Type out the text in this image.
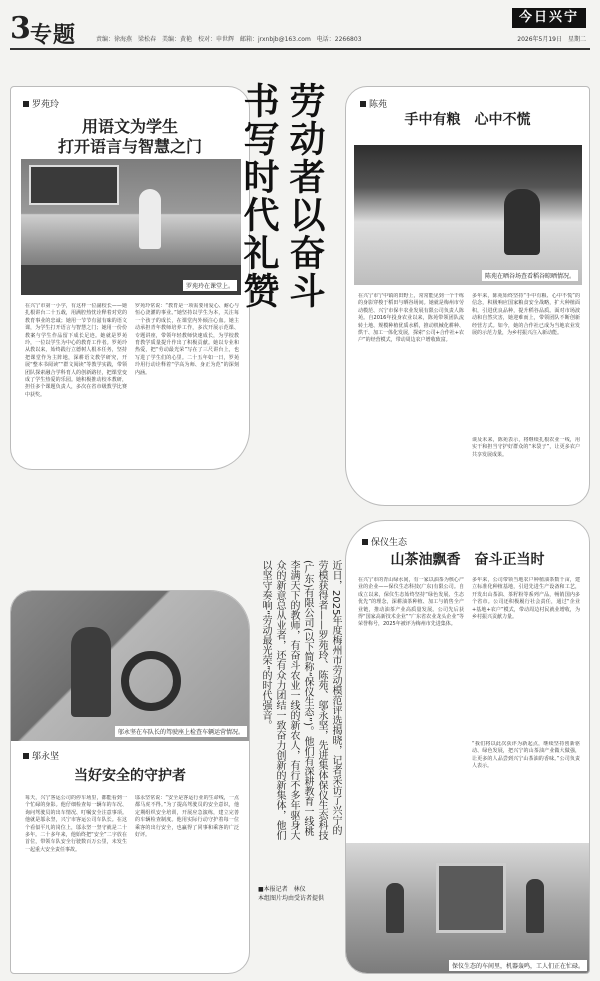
3 专题	责编：徐海燕　梁松春　美编：黄艳　校对：申世辉　邮箱：jrxnbjb@163.com　电话：2266803
今日兴宁
2026年5月19日　星期二
罗苑玲
用语文为学生
打开语言与智慧之门
罗苑玲在课堂上。
在兴宁市第一小学，有这样一位副校长——她扎根讲台二十五载，用满腔热忱诠释着对党的教育事业的忠诚；她用一节节有滋有味的语文课，为学生打开语言与智慧之门；她用一份份教案与学生作品留下成长足迹。她就是罗苑玲，一位以学生为中心的教育工作者。罗苑玲从教以来，始终践行立德树人根本任务，坚持把课堂作为主阵地，深耕语文教学研究，开展“整本书阅读”“群文阅读”等教学实践，带领团队探索融合学科育人的创新路径，把课堂变成了学生热爱的乐园。她积极推动校本教研，担任多个课题负责人，多次在省市级教学比赛中获奖。
罗苑玲常说：“教育是一项需要用爱心、耐心与恒心浇灌的事业。”她坚持以学生为本，关注每一个孩子的成长，在课堂内外倾注心血。她主动承担青年教师培养工作，多次开展示范课、专题讲座，带领年轻教师快速成长，为学校教育教学质量提升作出了积极贡献。她以专业和热爱，把“劳动最光荣”写在了三尺讲台上，也写进了学生们的心里。二十五年如一日，罗苑玲用行动诠释着“学高为师、身正为范”的深刻内涵。
劳动者以奋斗书写时代礼赞	陈苑
手中有粮　心中不慌
陈苑在晒谷场查看稻谷晾晒情况。
在兴宁市宁中镇的田野上，常常能见到一个干练的身影穿梭于稻田与晒谷场间。她就是梅州市劳动模范、兴宁市保丰农业发展有限公司负责人陈苑。自2016年投身农业以来，陈苑带领团队流转土地、规模种植优质水稻，推动机械化耕种、烘干、加工一体化发展，探索“公司+合作社+农户”的经营模式，带动周边农户增收致富。
多年来，陈苑始终坚持“手中有粮、心中不慌”的信念，积极响应国家粮食安全战略，扩大种植面积，引进优良品种，提升稻谷品质。面对市场波动和自然灾害，她迎难而上，带领团队不断创新经营方式。如今，她的合作社已成为当地农业发展的示范力量，为乡村振兴注入新动能。
谈及未来，陈苑表示，将继续扎根农业一线，用实干和担当守护好群众的“米袋子”，让更多农户共享发展成果。
近日，2025年度梅州市劳动模范评选揭晓，记者采访了兴宁的劳模获得者——罗苑玲、陈苑、邬永坚，先进集体保仪生态科技(广东)有限公司(以下简称“保仪生态”)。他们有深耕教育一线桃李满天下的教师，有奋斗农业一线的新农人，有行不多年驱身大众的新意总从业者，还有众力团结一致奋力创新的新集体，他们以坚守奏响“劳动最光荣”的时代强音。
■本报记者　林仪
本组图片均由受访者提供
邬永坚在车队长的驾驶座上检查车辆运营情况。
邬永坚
当好安全的守护者
每天，兴宁客运公司的停车场里，都能看到一个忙碌的身影。他仔细检查每一辆车的车况、询问驾驶员的出车情况、叮嘱安全注意事项。他就是邬永坚，兴宁市客运公司车队长。在这个看似平凡的岗位上，邬永坚一坚守就是二十多年。二十多年来，他始终把“安全”二字放在首位，带领车队安全行驶数百万公里，未发生一起重大安全责任事故。
邬永坚常说：“安全是客运行业的生命线，一点都马虎不得。”为了提高驾驶员的安全意识，他定期组织安全培训，开展应急演练，建立完善的车辆检查制度。他用实际行动守护着每一位乘客的出行安全，也赢得了同事和乘客的广泛好评。
保仪生态
山茶油飘香　奋斗正当时
在兴宁市的青山绿水间，有一家以油茶为核心产业的企业——保仪生态科技(广东)有限公司。自成立以来，保仪生态始终坚持“绿色发展、生态优先”的理念，深耕油茶种植、加工与销售全产业链，推动油茶产业高质量发展。公司先后获得“国家高新技术企业”“广东省农业龙头企业”等荣誉称号，2025年被评为梅州市先进集体。
多年来，公司带领当地农户种植油茶数千亩，建立标准化种植基地，引进先进生产设备和工艺，开发出山茶油、茶籽粉等系列产品，畅销国内多个省市。公司还积极履行社会责任，通过“企业+基地+农户”模式，带动周边村民就业增收，为乡村振兴贡献力量。
“我们将以此次获评为新起点，继续坚持创新驱动、绿色发展，把兴宁的山茶油产业做大做强，让更多的人品尝到兴宁山茶油的香味。”公司负责人表示。
保仪生态的车间里，机器轰鸣，工人们正在忙碌。
